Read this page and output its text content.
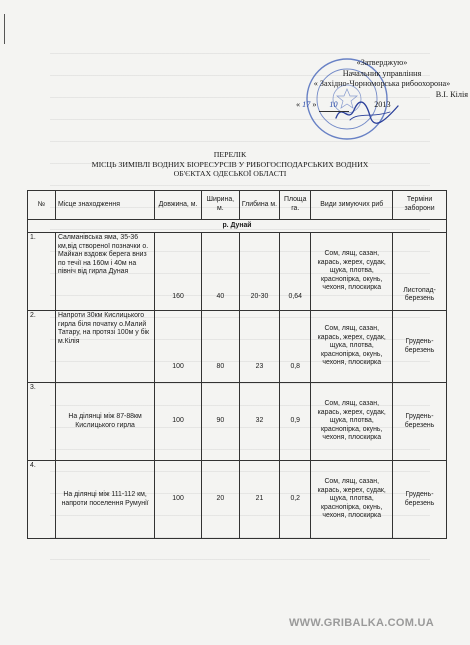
«Затверджую»
Начальник управління
« Західно-Чорноморська рибоохорона»
В.І. Кілія
« 17 » 10	2013
ПЕРЕЛІК
МІСЦЬ ЗИМІВЛІ ВОДНИХ БІОРЕСУРСІВ У РИБОГОСПОДАРСЬКИХ ВОДНИХ
ОБ'ЄКТАХ ОДЕСЬКОЇ ОБЛАСТІ
№	Місце знаходження	Довжина, м.	Ширина, м.	Глибина м.	Площа га.	Види зимуючих риб	Терміни заборони
р. Дунай							
1.	Салманівська яма, 35-36 км,від створеної позначки о. Майкан вздовж берега вниз по течії на 160м і 40м на північ від гирла Дуная	160	40	20-30	0,64	Сом, лящ, сазан, карась, жерех, судак, щука, плотва, краснопірка, окунь, чехоня, плоскирка	Листопад-березень
2.	Напроти 30км Кислицького гирла біля початку о.Малий Татару, на протязі 100м у бік м.Кілія	100	80	23	0,8	Сом, лящ, сазан, карась, жерех, судак, щука, плотва, краснопірка, окунь, чехоня, плоскирка	Грудень-березень
3.	На ділянці між 87-88км Кислицького гирла	100	90	32	0,9	Сом, лящ, сазан, карась, жерех, судак, щука, плотва, краснопірка, окунь, чехоня, плоскирка	Грудень-березень
4.	На ділянці між 111-112 км, напроти поселення Румунії	100	20	21	0,2	Сом, лящ, сазан, карась, жерех, судак, щука, плотва, краснопірка, окунь, чехоня, плоскирка	Грудень-березень
WWW.GRIBALKA.COM.UA
